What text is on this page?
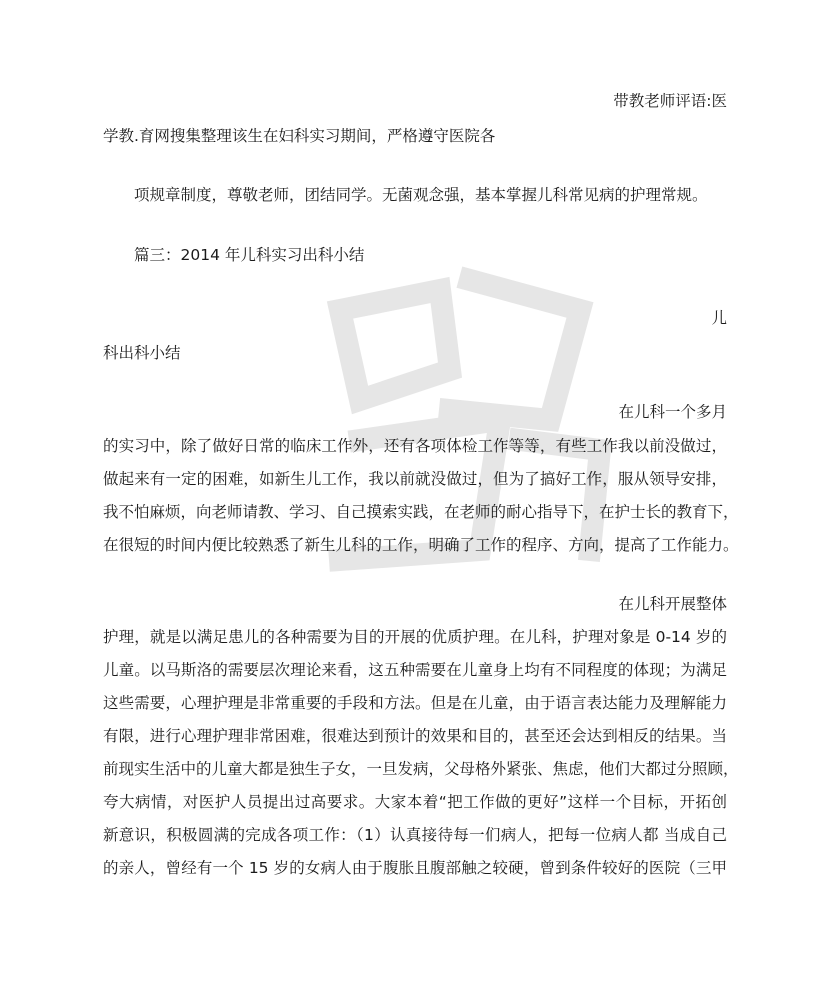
带教老师评语:医

学教.育网搜集整理该生在妇科实习期间，严格遵守医院各

项规章制度，尊敬老师，团结同学。无菌观念强，基本掌握儿科常见病的护理常规。

篇三：2014 年儿科实习出科小结

儿

科出科小结

在儿科一个多月

的实习中，除了做好日常的临床工作外，还有各项体检工作等等，有些工作我以前没做过，

做起来有一定的困难，如新生儿工作，我以前就没做过，但为了搞好工作，服从领导安排，

我不怕麻烦，向老师请教、学习、自己摸索实践，在老师的耐心指导下，在护士长的教育下，

在很短的时间内便比较熟悉了新生儿科的工作，明确了工作的程序、方向，提高了工作能力。

在儿科开展整体

护理，就是以满足患儿的各种需要为目的开展的优质护理。在儿科，护理对象是 0-14 岁的

儿童。以马斯洛的需要层次理论来看，这五种需要在儿童身上均有不同程度的体现；为满足

这些需要，心理护理是非常重要的手段和方法。但是在儿童，由于语言表达能力及理解能力

有限，进行心理护理非常困难，很难达到预计的效果和目的，甚至还会达到相反的结果。当

前现实生活中的儿童大都是独生子女，一旦发病，父母格外紧张、焦虑，他们大都过分照顾，

夸大病情，对医护人员提出过高要求。大家本着“把工作做的更好”这样一个目标，开拓创

新意识，积极圆满的完成各项工作：（1）认真接待每一们病人，把每一位病人都 当成自己

的亲人，曾经有一个 15 岁的女病人由于腹胀且腹部触之较硬，曾到条件较好的医院（三甲
